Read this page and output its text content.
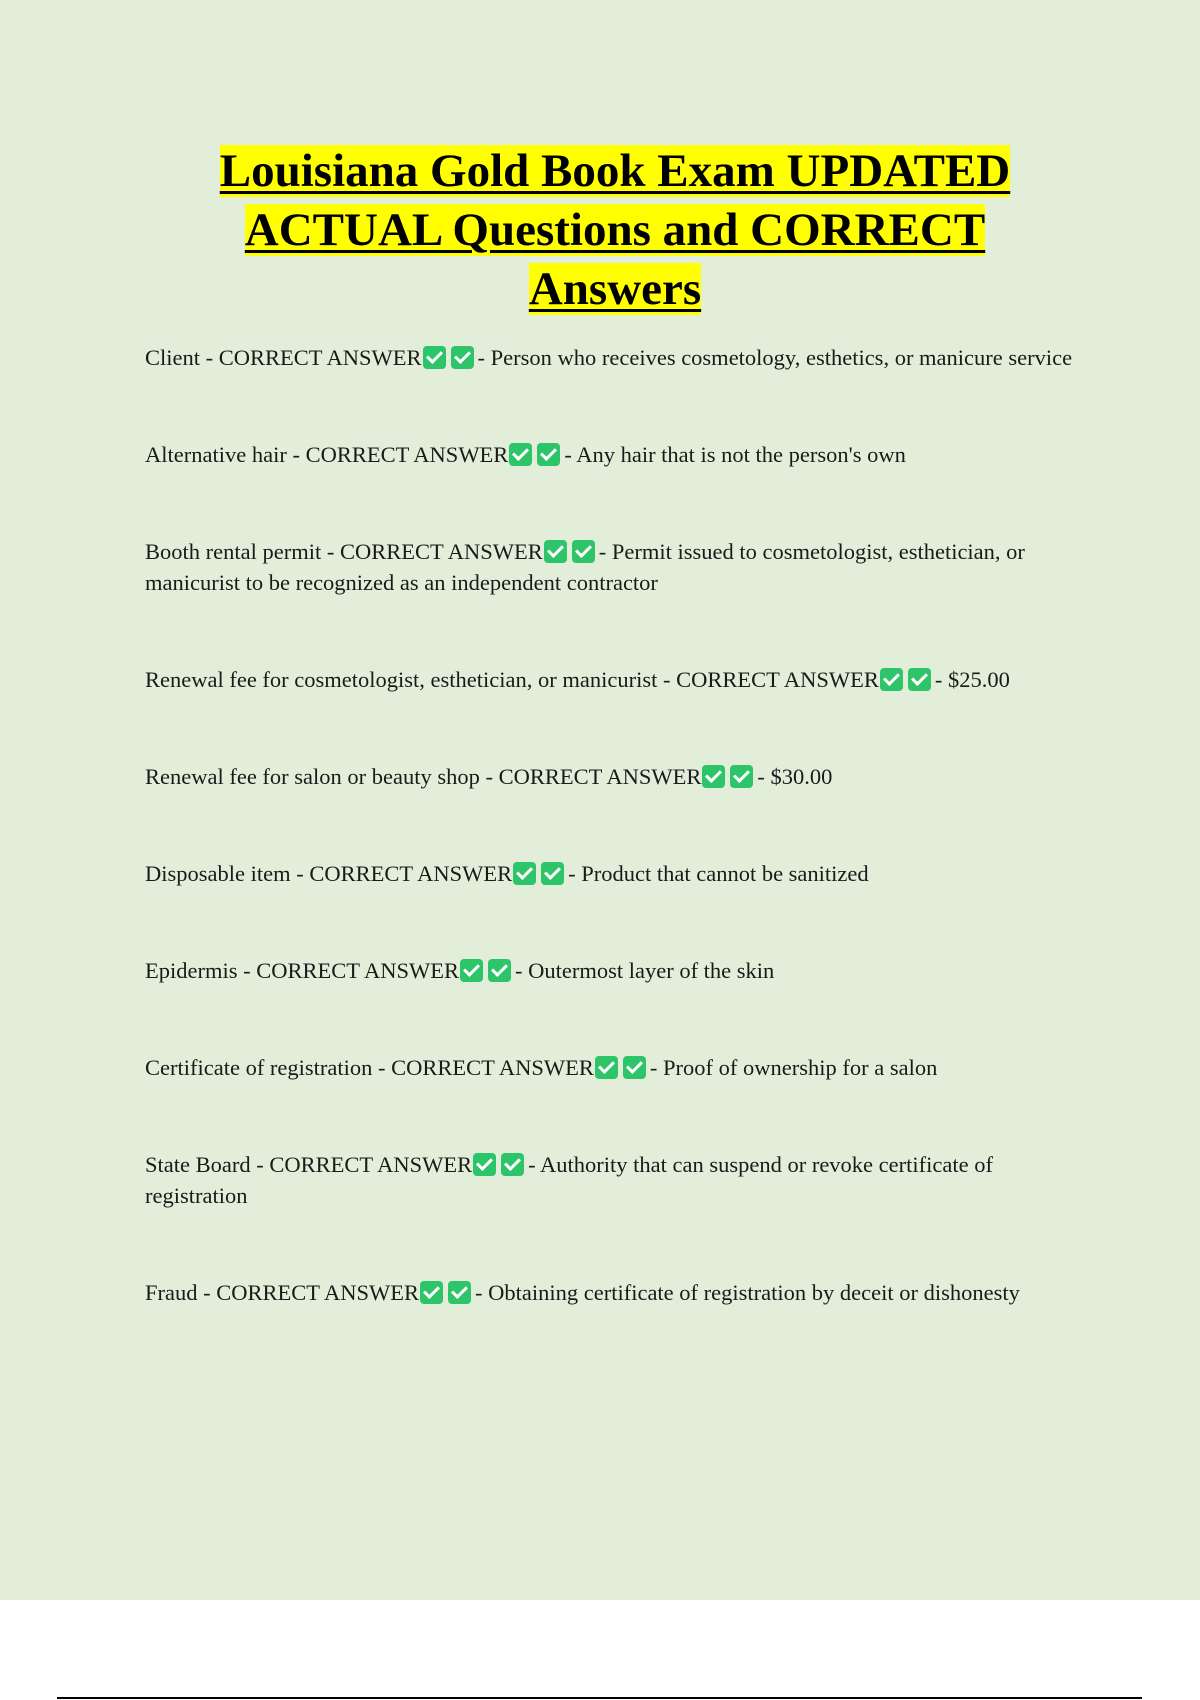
Louisiana Gold Book Exam UPDATED
ACTUAL Questions and CORRECT
Answers
Client - CORRECT ANSWER - Person who receives cosmetology, esthetics, or manicure service
Alternative hair - CORRECT ANSWER - Any hair that is not the person's own
Booth rental permit - CORRECT ANSWER - Permit issued to cosmetologist, esthetician, or manicurist to be recognized as an independent contractor
Renewal fee for cosmetologist, esthetician, or manicurist - CORRECT ANSWER - $25.00
Renewal fee for salon or beauty shop - CORRECT ANSWER - $30.00
Disposable item - CORRECT ANSWER - Product that cannot be sanitized
Epidermis - CORRECT ANSWER - Outermost layer of the skin
Certificate of registration - CORRECT ANSWER - Proof of ownership for a salon
State Board - CORRECT ANSWER - Authority that can suspend or revoke certificate of registration
Fraud - CORRECT ANSWER - Obtaining certificate of registration by deceit or dishonesty
